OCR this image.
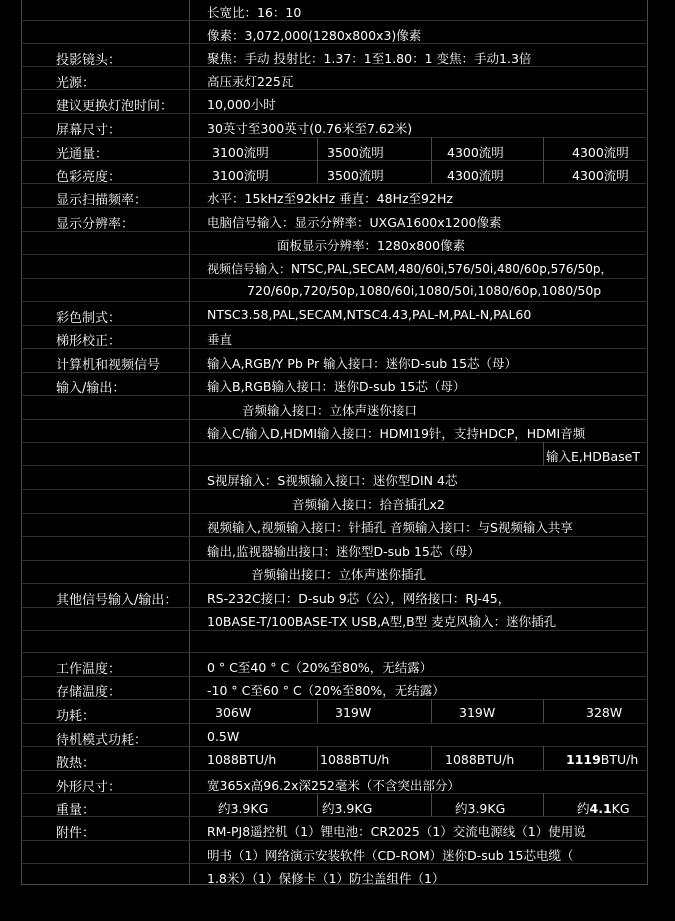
长宽比：16：10
像素：3,072,000(1280x800x3)像素
投影镜头：	聚焦：手动 投射比：1.37：1至1.80：1 变焦：手动1.3倍
光源：	高压汞灯225瓦
建议更换灯泡时间：	10,000小时
屏幕尺寸：	30英寸至300英寸(0.76米至7.62米)
光通量：	3100流明	3500流明	4300流明	4300流明
色彩亮度：	3100流明	3500流明	4300流明	4300流明
显示扫描频率：	水平：15kHz至92kHz 垂直：48Hz至92Hz
显示分辨率：	电脑信号输入：显示分辨率：UXGA1600x1200像素
面板显示分辨率：1280x800像素
视频信号输入：NTSC,PAL,SECAM,480/60i,576/50i,480/60p,576/50p，
720/60p,720/50p,1080/60i,1080/50i,1080/60p,1080/50p
彩色制式：	NTSC3.58,PAL,SECAM,NTSC4.43,PAL-M,PAL-N,PAL60
梯形校正：	垂直
计算机和视频信号
输入/输出：
输入A,RGB/Y Pb Pr 输入接口：迷你D-sub 15芯（母）
输入B,RGB输入接口：迷你D-sub 15芯（母）
音频输入接口：立体声迷你接口
输入C/输入D,HDMI输入接口：HDMI19针，支持HDCP，HDMI音频
输入E,HDBaseT
S视屏输入：S视频输入接口：迷你型DIN 4芯
音频输入接口：拾音插孔x2
视频输入,视频输入接口：针插孔 音频输入接口：与S视频输入共享
输出,监视器输出接口：迷你型D-sub 15芯（母）
音频输出接口：立体声迷你插孔
其他信号输入/输出： RS-232C接口：D-sub 9芯（公），网络接口：RJ-45，
10BASE-T/100BASE-TX USB,A型,B型 麦克风输入：迷你插孔
工作温度：	0 ° C至40 ° C（20%至80%，无结露）
存储温度：	-10 ° C至60 ° C（20%至80%，无结露）
功耗：	306W	319W	319W	328W
待机模式功耗：	0.5W
散热：	1088BTU/h	1088BTU/h	1088BTU/h	1119BTU/h
外形尺寸：	宽365x高96.2x深252毫米（不含突出部分）
重量：	约3.9KG	约3.9KG	约3.9KG	约4.1KG
附件：	RM-PJ8遥控机（1）锂电池：CR2025（1）交流电源线（1）使用说
明书（1）网络演示安装软件（CD-ROM）迷你D-sub 15芯电缆（
1.8米）（1）保修卡（1）防尘盖组件（1）
